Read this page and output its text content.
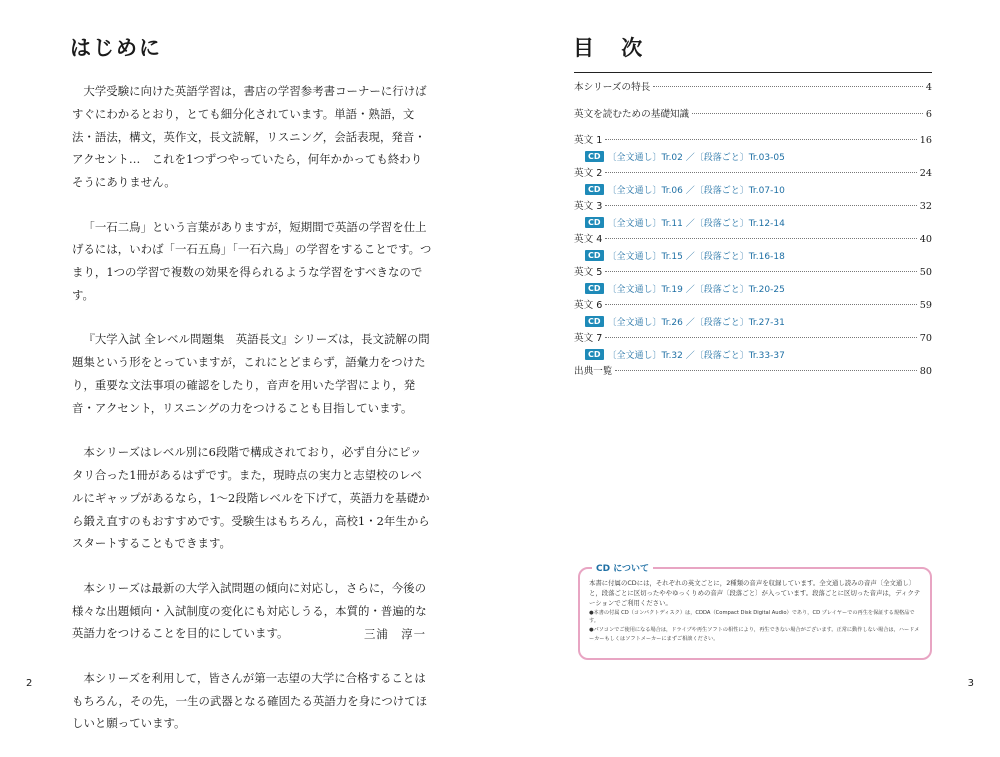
はじめに

大学受験に向けた英語学習は，書店の学習参考書コーナーに行けばすぐにわかるとおり，とても細分化されています。単語・熟語，文法・語法，構文，英作文，長文読解，リスニング，会話表現，発音・アクセント…　これを1つずつやっていたら，何年かかっても終わりそうにありません。

「一石二鳥」という言葉がありますが，短期間で英語の学習を仕上げるには，いわば「一石五鳥」「一石六鳥」の学習をすることです。つまり，1つの学習で複数の効果を得られるような学習をすべきなのです。

『大学入試 全レベル問題集　英語長文』シリーズは，長文読解の問題集という形をとっていますが，これにとどまらず，語彙力をつけたり，重要な文法事項の確認をしたり，音声を用いた学習により，発音・アクセント，リスニングの力をつけることも目指しています。

本シリーズはレベル別に6段階で構成されており，必ず自分にピッタリ合った1冊があるはずです。また，現時点の実力と志望校のレベルにギャップがあるなら，1〜2段階レベルを下げて，英語力を基礎から鍛え直すのもおすすめです。受験生はもちろん，高校1・2年生からスタートすることもできます。

本シリーズは最新の大学入試問題の傾向に対応し，さらに，今後の様々な出題傾向・入試制度の変化にも対応しうる，本質的・普遍的な英語力をつけることを目的にしています。

本シリーズを利用して，皆さんが第一志望の大学に合格することはもちろん，その先，一生の武器となる確固たる英語力を身につけてほしいと願っています。

三浦　淳一
2
目 次
本シリーズの特長	4
英文を読むための基礎知識	6
英文 1	16
CD 〔全文通し〕Tr.02 ／〔段落ごと〕Tr.03-05
英文 2	24
CD 〔全文通し〕Tr.06 ／〔段落ごと〕Tr.07-10
英文 3	32
CD 〔全文通し〕Tr.11 ／〔段落ごと〕Tr.12-14
英文 4	40
CD 〔全文通し〕Tr.15 ／〔段落ごと〕Tr.16-18
英文 5	50
CD 〔全文通し〕Tr.19 ／〔段落ごと〕Tr.20-25
英文 6	59
CD 〔全文通し〕Tr.26 ／〔段落ごと〕Tr.27-31
英文 7	70
CD 〔全文通し〕Tr.32 ／〔段落ごと〕Tr.33-37
出典一覧	80
CD について

本書に付属のCDには，それぞれの英文ごとに，2種類の音声を収録しています。全文通し読みの音声〔全文通し〕と，段落ごとに区切ったややゆっくりめの音声〔段落ごと〕が入っています。段落ごとに区切った音声は，ディクテーションでご利用ください。

●本書の付属 CD（コンパクトディスク）は，CDDA（Compact Disk Digital Audio）であり，CD プレイヤーでの再生を保証する規格品です。

●パソコンでご使用になる場合は，ドライブや再生ソフトの相性により，再生できない場合がございます。正常に動作しない場合は，ハードメーカーもしくはソフトメーカーにまずご相談ください。

3
